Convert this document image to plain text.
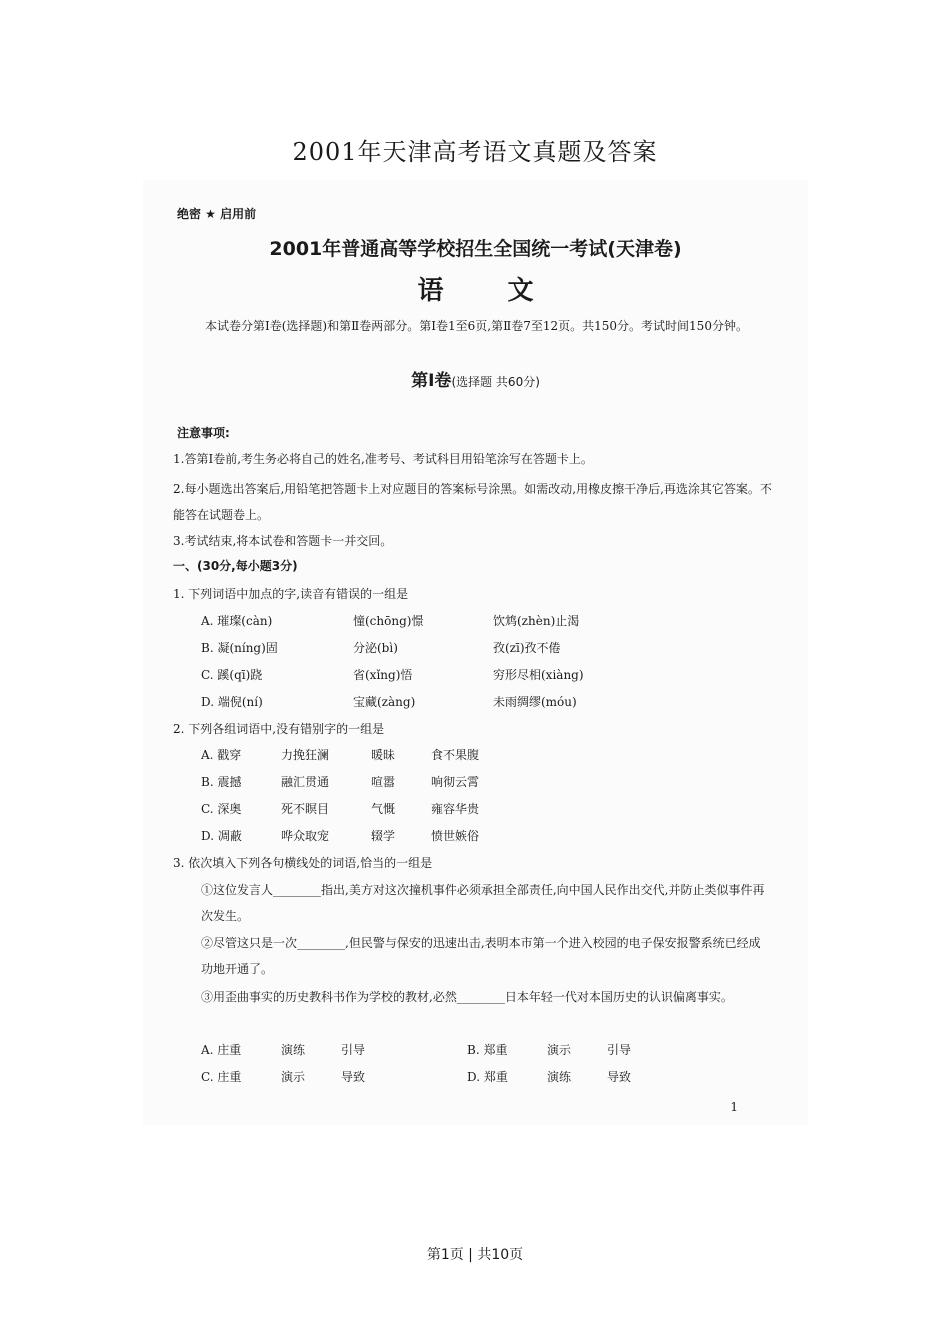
2001年天津高考语文真题及答案
绝密 ★ 启用前
2001年普通高等学校招生全国统一考试(天津卷)
语文
本试卷分第Ⅰ卷(选择题)和第Ⅱ卷两部分。第Ⅰ卷1至6页,第Ⅱ卷7至12页。共150分。考试时间150分钟。
第Ⅰ卷(选择题 共60分)
注意事项:
1.答第Ⅰ卷前,考生务必将自己的姓名,准考号、考试科目用铅笔涂写在答题卡上。
2.每小题选出答案后,用铅笔把答题卡上对应题目的答案标号涂黑。如需改动,用橡皮擦干净后,再选涂其它答案。不能答在试题卷上。
3.考试结束,将本试卷和答题卡一并交回。
一、(30分,每小题3分)
1. 下列词语中加点的字,读音有错误的一组是
A. 璀璨(càn)	憧(chōng)憬	饮鸩(zhèn)止渴
B. 凝(níng)固	分泌(bì)	孜(zī)孜不倦
C. 蹊(qī)跷	省(xǐng)悟	穷形尽相(xiàng)
D. 端倪(ní)	宝藏(zàng)	未雨绸缪(móu)
2. 下列各组词语中,没有错别字的一组是
A. 戳穿	力挽狂澜	暖昧	食不果腹
B. 震撼	融汇贯通	喧嚣	响彻云霄
C. 深奥	死不瞑目	气慨	雍容华贵
D. 凋蔽	哗众取宠	辍学	愤世嫉俗
3. 依次填入下列各句横线处的词语,恰当的一组是
①这位发言人________指出,美方对这次撞机事件必须承担全部责任,向中国人民作出交代,并防止类似事件再次发生。
②尽管这只是一次________,但民警与保安的迅速出击,表明本市第一个进入校园的电子保安报警系统已经成功地开通了。
③用歪曲事实的历史教科书作为学校的教材,必然________日本年轻一代对本国历史的认识偏离事实。
A. 庄重	演练	引导	B. 郑重	演示	引导
C. 庄重	演示	导致	D. 郑重	演练	导致
1
第1页 | 共10页
